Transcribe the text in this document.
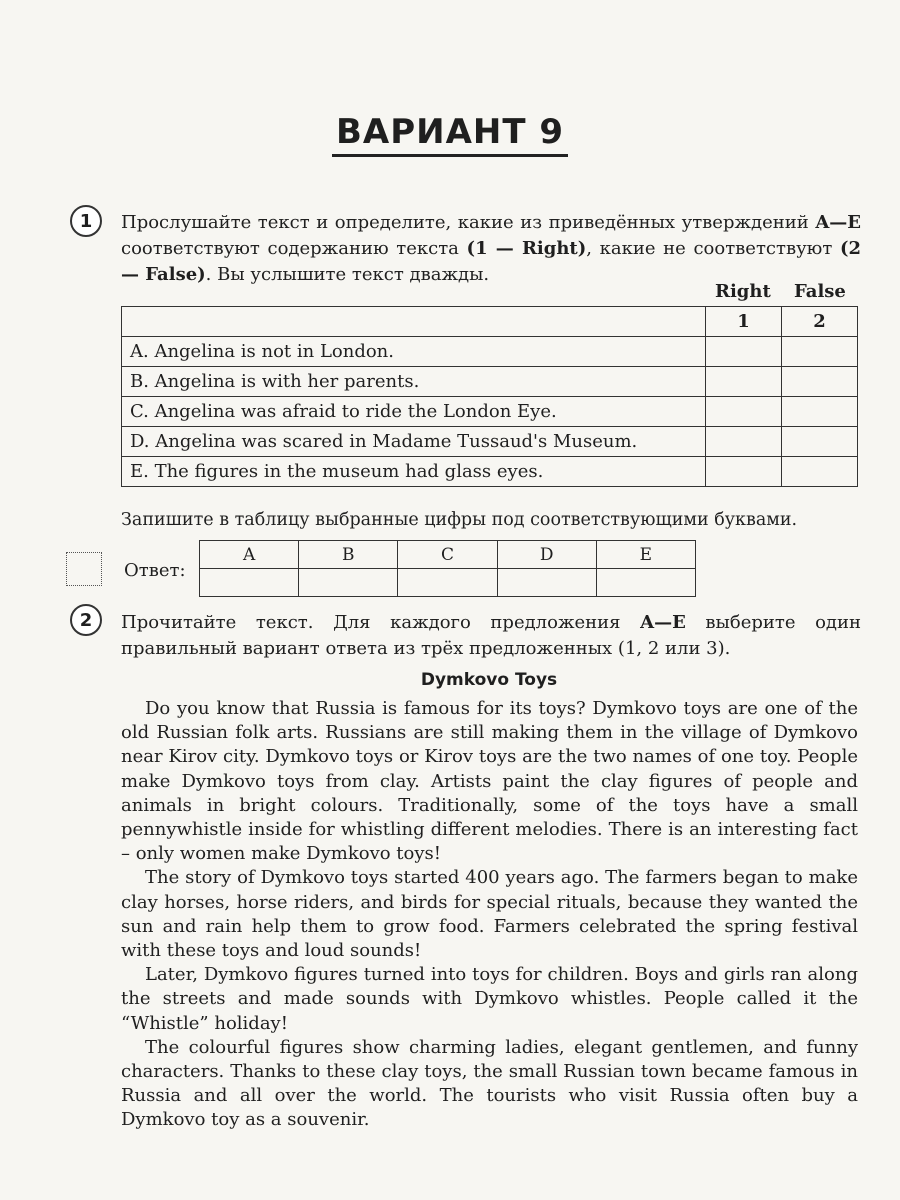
ВАРИАНТ 9
1	Прослушайте текст и определите, какие из приведённых утверждений A—E соответствуют содержанию текста (1 — Right), какие не соответствуют (2 — False). Вы услышите текст дважды.
Right False
	1	2
A. Angelina is not in London.		
B. Angelina is with her parents.		
C. Angelina was afraid to ride the London Eye.		
D. Angelina was scared in Madame Tussaud's Museum.		
E. The figures in the museum had glass eyes.		
Запишите в таблицу выбранные цифры под соответствующими буквами.
Ответ:
A	B	C	D	E

2	Прочитайте текст. Для каждого предложения A—E выберите один правильный вариант ответа из трёх предложенных (1, 2 или 3).
Dymkovo Toys

Do you know that Russia is famous for its toys? Dymkovo toys are one of the old Russian folk arts. Russians are still making them in the village of Dymkovo near Kirov city. Dymkovo toys or Kirov toys are the two names of one toy. People make Dymkovo toys from clay. Artists paint the clay figures of people and animals in bright colours. Traditionally, some of the toys have a small pennywhistle inside for whistling different melodies. There is an interesting fact – only women make Dymkovo toys!

The story of Dymkovo toys started 400 years ago. The farmers began to make clay horses, horse riders, and birds for special rituals, because they wanted the sun and rain help them to grow food. Farmers celebrated the spring festival with these toys and loud sounds!

Later, Dymkovo figures turned into toys for children. Boys and girls ran along the streets and made sounds with Dymkovo whistles. People called it the “Whistle” holiday!

The colourful figures show charming ladies, elegant gentlemen, and funny characters. Thanks to these clay toys, the small Russian town became famous in Russia and all over the world. The tourists who visit Russia often buy a Dymkovo toy as a souvenir.
